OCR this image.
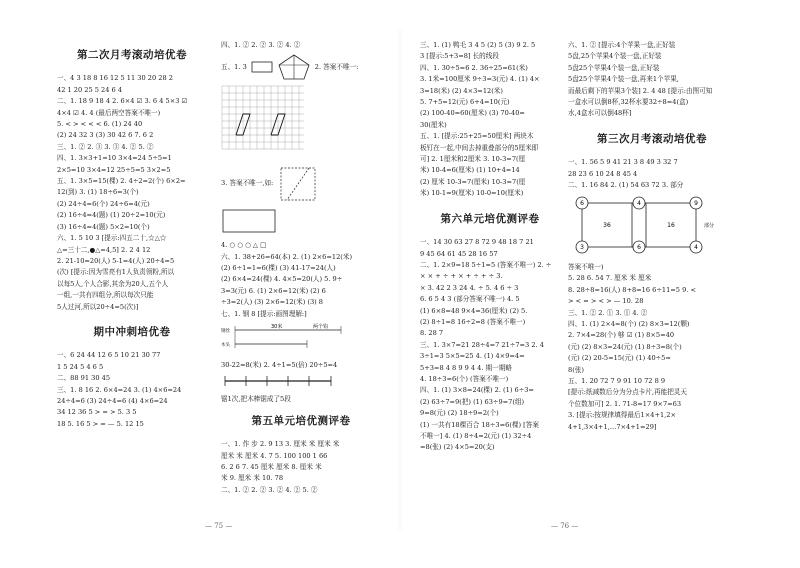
第二次月考滚动培优卷
一、4 3 18 8 16 12 5 11 30 20 28 2
42 1 20 25 5 24 6 4
二、1. 18 9 18 4 2. 6×4 ☑ 3. 6 4 5×3 ☑
4×4 ☑ 4. 4 (最后两空答案不唯一)
5. < > < < < 6. (1) 24 40
(2) 24 32 3 (3) 30 42 6 7. 6 2
三、1. ② 2. ③ 3. ③ 4. ② 5. ②
四、1. 3×3+1=10 3×4=24 5÷5=1
2×5=10 3×4=12 25÷5=5 3×2=5
五、1. 3×5=15(棵) 2. 4÷2=2(个) 6×2=
12(到) 3. (1) 18÷6=3(个)
(2) 24÷4=6(个) 24÷6=4(元)
(2) 16÷4=4(题) (1) 20÷2=10(元)
(3) 16÷4=4(题) 5×2=10(个)
六、1. 5 10 3 [提示:四五二十,☆△☆
△=三十二,●△=4,5] 2. 2 4 12
2. 21-10=20(人) 5-1=4(人) 20÷4=5
(次) [提示:因为雪亮有1人负责领粉,所以
以每5人,个人合影,其余为20人,五个人
一组,一共有四组分,所以每次只能
5人过河,所以20÷4=5(次)]
期中冲刺培优卷
一、6 24 44 12 6 5 10 21 30 77
1 5 24 5 4 6 5
二、88 91 30 45
三、1. 8 16 2. 6×4=24 3. (1) 4×6=24
24÷4=6 (3) 24÷4=6 (4) 4×6=24
34 12 36 5 > = > 5. 3 5
18 5. 16 5 > = — 5. 12 15
四、1. ② 2. ② 3. ② 4. ②
五、1. 3	2. 答案不唯一:
3. 答案不唯一,如:
4. ○ ○ ○ △ □
六、1. 38+26=64(本) 2. (1) 2×6=12(米)
(2) 6÷1=1=6(棵) (3) 41-17=24(人)
(2) 6×4=24(棵) 4. 4×5=20(人) 5. 9÷
3=3(元) 6. (1) 2×6=12(米) (2) 6
÷3=2(人) (3) 2×6=12(米) (3) 8
七、1. 钢 8 [提示:画图理解:]
30米	两个钩
钢丝
木头
30-22=8(米) 2. 4÷1=5(倍) 20÷5=4
锯1次,把木棒锯成了5段
第五单元培优测评卷
一、1. 作 步 2. 9 13 3. 厘米 米 厘米 米
厘米 米 厘米 4. 7 5. 100 100 1 66
6. 2 6 7. 45 厘米 厘米 8. 厘米 米
米 9. 厘米 米 10. 78
二、1. ② 2. ② 3. ② 4. ② 5. ②
— 75 —
三、1. (1) 鸭毛 3 4 5 (2) 5 (3) 9 2. 5
3 [提示:5+3=8] 长的线段
四、1. 30÷5=6 2. 36÷25=61(米)
3. 1米=100厘米 9÷3=3(元) 4. (1) 4×
3=18(米) (2) 4×3=12(米)
5. 7+5=12(元) 6+4=10(元)
(2) 100-40=60(厘米) (3) 70-40=
30(厘米)
五、1. [提示:25+25=50厘米] 两块木
板钉在一起,中间去掉重叠部分的5厘米即
可] 2. 1厘米和2厘米 3. 10-3=7(厘
米) 10-4=6(厘米) (1) 10+4=14
(2) 厘米 10-3=7(厘米) 10-3=7(厘
米) 10-1=9(厘米) 10-0=10(厘米)
第六单元培优测评卷
一、14 30 63 27 8 72 9 48 18 7 21
9 45 64 61 45 28 16 57
二、1. 2×9=18 5÷1=5 (答案不唯一) 2. ÷
× × + ÷ + × + ÷ + ÷ 3.
× 3. 42 2 3 24 4. ÷ 5. 4 6 ÷ 3
6. 6 5 4 3 (部分答案不唯一) 4. 5
(1) 6×8=48 9×4=36(厘米) (2) 5.
(2) 8÷1=8 16÷2=8 (答案不唯一)
8. 28 7
三、1. 3×7=21 28÷4=7 21÷7=3 2. 4
3÷1=3 5×5=25 4. (1) 4×9=4=
5+3=8 4 8 9 9 4 4. 期一期略
4. 18÷3=6(个) (答案不唯一)
四、1. (1) 3×8=24(棵) 2. (1) 6÷3=
(2) 63÷7=9(把) (1) 63÷9=7(组)
9=8(元) (2) 18÷9=2(个)
(1) 一共有18棵百合 18÷3=6(棵) [答案
不唯一] 4. (1) 8÷4=2(元) (1) 32÷4
=8(张) (2) 4×5=20(支)
六、1. ② [提示:4个苹果一盘,正好装
5盘,25个苹果4个装一盘,正好装
5盘25个苹果4个装一盘,正好装
5盘25个苹果4个装一盘,再来1个苹果,
而最后剩下的苹果3个装] 2. 4 48 [提示:由图可知
一盒水可以倒8杯,32杯水要32÷8=4(盒)
水,4盒水可以倒48杯]
第三次月考滚动培优卷
一、1. 56 5 9 41 21 3 8 49 3 32 7
28 23 6 10 24 8 45 4
二、1. 16 84 2. (1) 54 63 72 3. 部分
6	4	9
3	6	4
36	16	部分
答案不唯一)
5. 28 6. 54 7. 厘米 米 厘米
8. 28÷8=16(人) 8+8=16 6÷11=5 9. <
> < = > < > — 10. 28
三、1. ② 2. ① 3. ① 4. ②
四、1. (1) 2×4=8(个) (2) 8×3=12(颗)
2. 7×4=28(个) 够 ☑ (1) 8×5=40
(元) (2) 8×3=24(元) (1) 8÷3=8(个)
(元) (2) 20-5=15(元) (1) 40÷5=
8(张)
五、1. 20 72 7 9 91 10 72 8 9
[提示:纸减数后分为分点卡片,再能把灵天
个位数加可] 2. 1. 71-8=17 9×7=63
3. [提示:按规律填得最后1×4+1,2×
4+1,3×4+1,…7×4+1=29]
— 76 —
